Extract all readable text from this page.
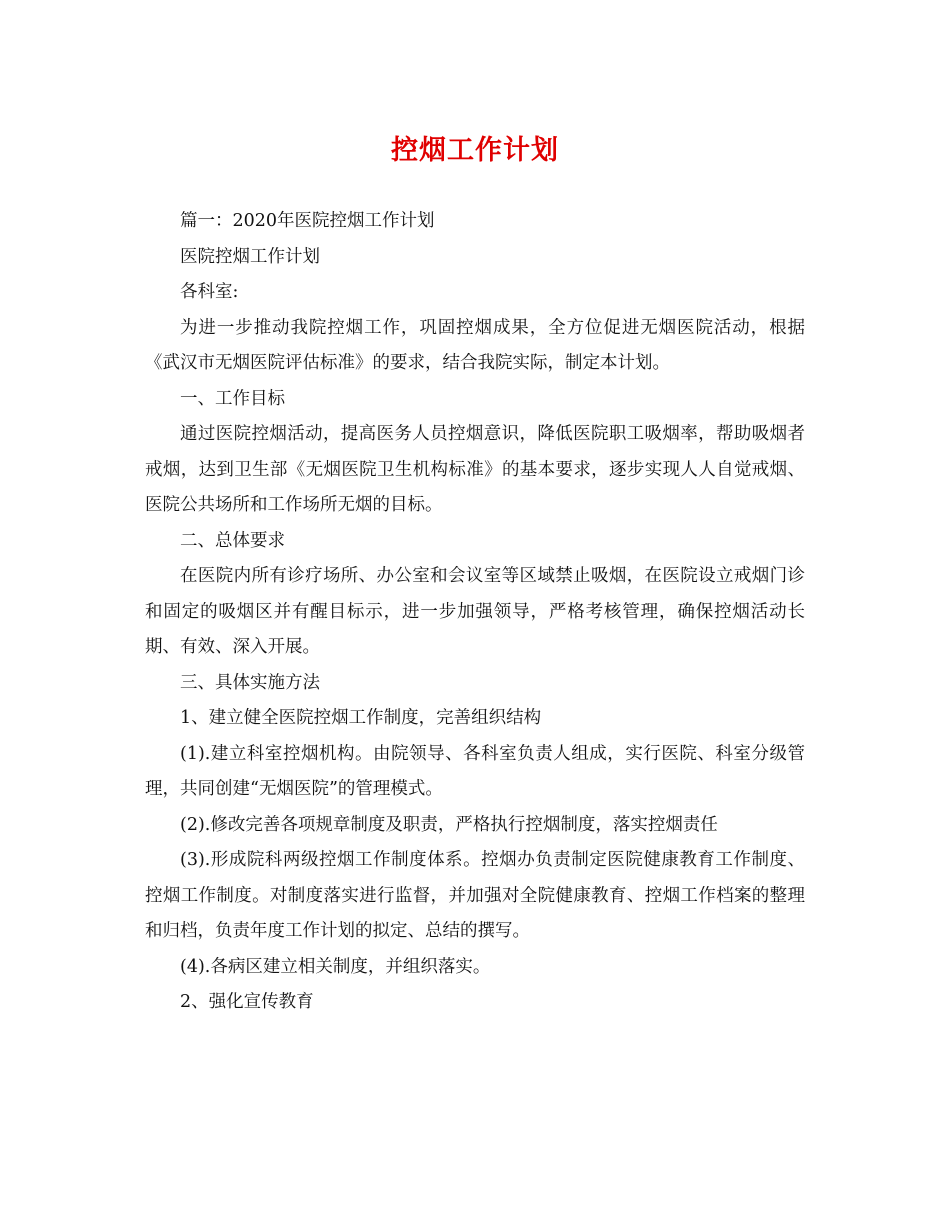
控烟工作计划

篇一：2020年医院控烟工作计划

医院控烟工作计划

各科室:

为进一步推动我院控烟工作，巩固控烟成果，全方位促进无烟医院活动，根据《武汉市无烟医院评估标准》的要求，结合我院实际，制定本计划。

一、工作目标

通过医院控烟活动，提高医务人员控烟意识，降低医院职工吸烟率，帮助吸烟者戒烟，达到卫生部《无烟医院卫生机构标准》的基本要求，逐步实现人人自觉戒烟、医院公共场所和工作场所无烟的目标。

二、总体要求

在医院内所有诊疗场所、办公室和会议室等区域禁止吸烟，在医院设立戒烟门诊和固定的吸烟区并有醒目标示，进一步加强领导，严格考核管理，确保控烟活动长期、有效、深入开展。

三、具体实施方法

1、建立健全医院控烟工作制度，完善组织结构

(1).建立科室控烟机构。由院领导、各科室负责人组成，实行医院、科室分级管理，共同创建“无烟医院”的管理模式。

(2).修改完善各项规章制度及职责，严格执行控烟制度，落实控烟责任

(3).形成院科两级控烟工作制度体系。控烟办负责制定医院健康教育工作制度、控烟工作制度。对制度落实进行监督，并加强对全院健康教育、控烟工作档案的整理和归档，负责年度工作计划的拟定、总结的撰写。

(4).各病区建立相关制度，并组织落实。

2、强化宣传教育
